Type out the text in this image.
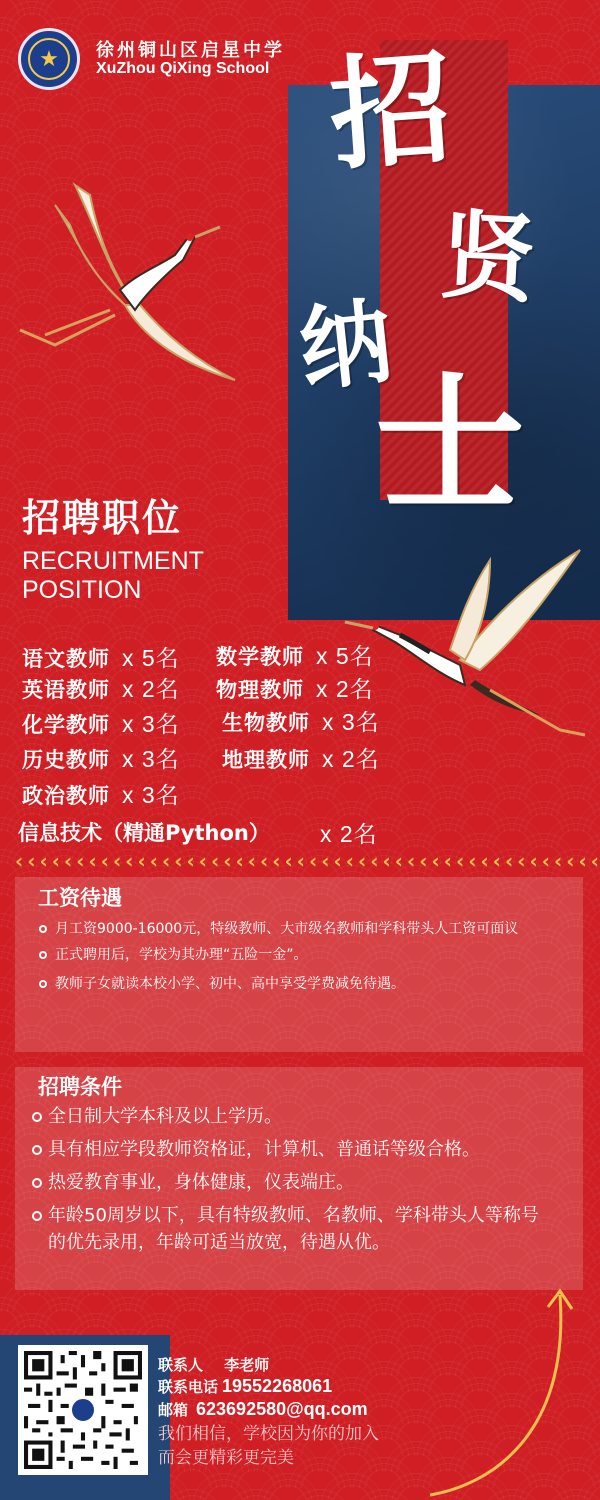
★	徐州铜山区启星中学
XuZhou QiXing School 招
贤
纳
士
招聘职位
RECRUITMENT POSITION
语文教师 x 5名 数学教师 x 5名
英语教师 x 2名 物理教师 x 2名
化学教师 x 3名 生物教师 x 3名
历史教师 x 3名 地理教师 x 2名
政治教师 x 3名
信息技术（精通Python） x 2名
‹ ‹ ‹ ‹ ‹ ‹ ‹ ‹ ‹ ‹ ‹ ‹ ‹ ‹ ‹ ‹ ‹ ‹ ‹ ‹ ‹ ‹ ‹ ‹ ‹ ‹ ‹ ‹ ‹ ‹ ‹ ‹ ‹ ‹ ‹ ‹ ‹ ‹ ‹ ‹ ‹ ‹ ‹ ‹ ‹ ‹ ‹ ‹
工资待遇
月工资9000-16000元，特级教师、大市级名教师和学科带头人工资可面议
正式聘用后，学校为其办理“五险一金”。
教师子女就读本校小学、初中、高中享受学费减免待遇。
招聘条件
全日制大学本科及以上学历。
具有相应学段教师资格证，计算机、普通话等级合格。
热爱教育事业，身体健康，仪表端庄。
年龄50周岁以下，具有特级教师、名教师、学科带头人等称号的优先录用，年龄可适当放宽，待遇从优。
联系人 李老师
联系电话 19552268061
邮箱 623692580@qq.com
我们相信，学校因为你的加入
而会更精彩更完美
